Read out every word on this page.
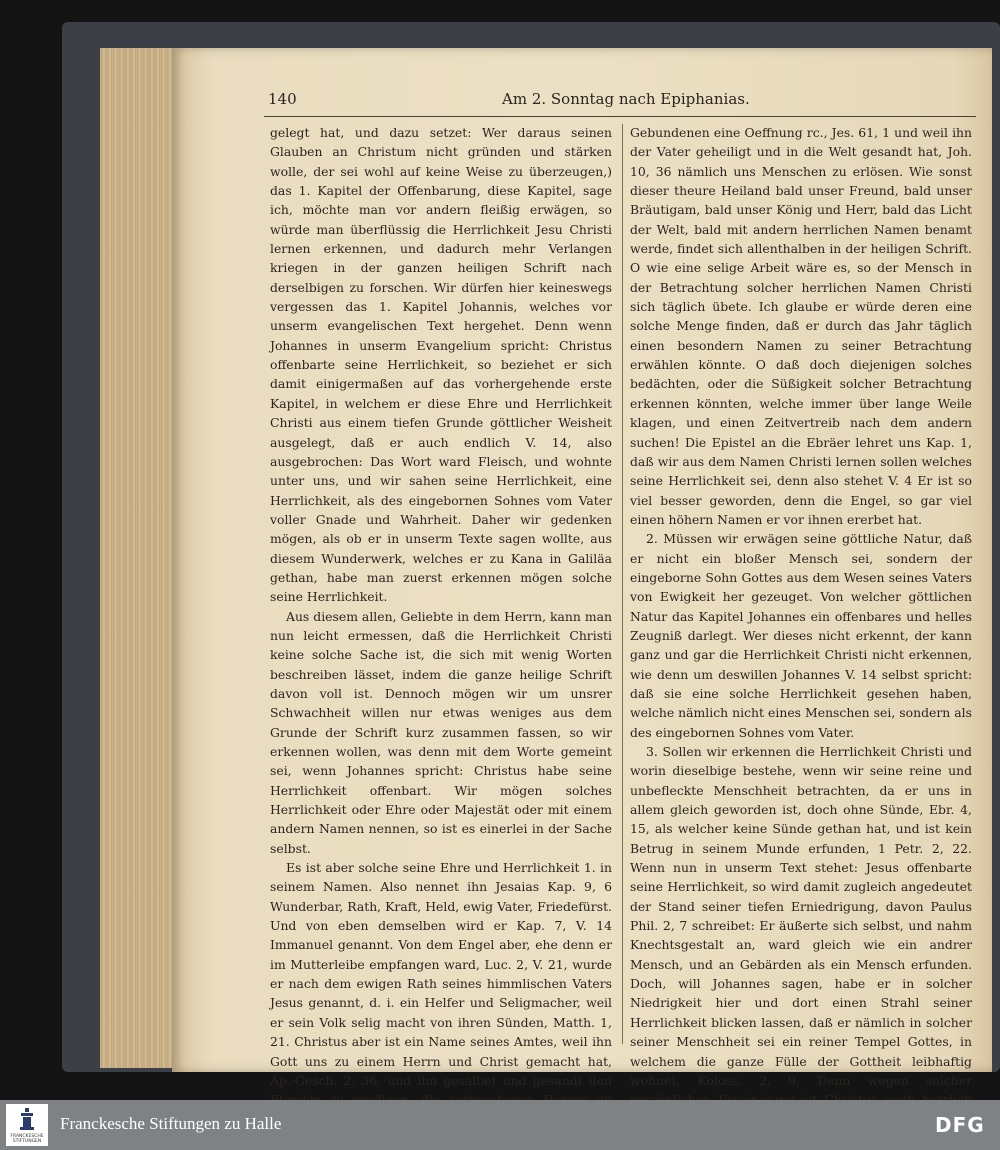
140	Am 2. Sonntag nach Epiphanias.

gelegt hat, und dazu setzet: Wer daraus seinen Glauben an Christum nicht gründen und stärken wolle, der sei wohl auf keine Weise zu überzeugen,) das 1. Kapitel der Offenbarung, diese Kapitel, sage ich, möchte man vor andern fleißig erwägen, so würde man überflüssig die Herrlichkeit Jesu Christi lernen erkennen, und dadurch mehr Verlangen kriegen in der ganzen heiligen Schrift nach derselbigen zu forschen. Wir dürfen hier keineswegs vergessen das 1. Kapitel Johannis, welches vor unserm evangelischen Text hergehet. Denn wenn Johannes in unserm Evangelium spricht: Christus offenbarte seine Herrlichkeit, so beziehet er sich damit einigermaßen auf das vorhergehende erste Kapitel, in welchem er diese Ehre und Herrlichkeit Christi aus einem tiefen Grunde göttlicher Weisheit ausgelegt, daß er auch endlich V. 14, also ausgebrochen: Das Wort ward Fleisch, und wohnte unter uns, und wir sahen seine Herrlichkeit, eine Herrlichkeit, als des eingebornen Sohnes vom Vater voller Gnade und Wahrheit. Daher wir gedenken mögen, als ob er in unserm Texte sagen wollte, aus diesem Wunderwerk, welches er zu Kana in Galiläa gethan, habe man zuerst erkennen mögen solche seine Herrlichkeit.

Aus diesem allen, Geliebte in dem Herrn, kann man nun leicht ermessen, daß die Herrlichkeit Christi keine solche Sache ist, die sich mit wenig Worten beschreiben lässet, indem die ganze heilige Schrift davon voll ist. Dennoch mögen wir um unsrer Schwachheit willen nur etwas weniges aus dem Grunde der Schrift kurz zusammen fassen, so wir erkennen wollen, was denn mit dem Worte gemeint sei, wenn Johannes spricht: Christus habe seine Herrlichkeit offenbart. Wir mögen solches Herrlichkeit oder Ehre oder Majestät oder mit einem andern Namen nennen, so ist es einerlei in der Sache selbst.

Es ist aber solche seine Ehre und Herrlichkeit 1. in seinem Namen. Also nennet ihn Jesaias Kap. 9, 6 Wunderbar, Rath, Kraft, Held, ewig Vater, Friedefürst. Und von eben demselben wird er Kap. 7, V. 14 Immanuel genannt. Von dem Engel aber, ehe denn er im Mutterleibe empfangen ward, Luc. 2, V. 21, wurde er nach dem ewigen Rath seines himmlischen Vaters Jesus genannt, d. i. ein Helfer und Seligmacher, weil er sein Volk selig macht von ihren Sünden, Matth. 1, 21. Christus aber ist ein Name seines Amtes, weil ihn Gott uns zu einem Herrn und Christ gemacht hat, Ap.-Gesch. 2, 36, und ihn gesalbet und gesandt den

Gebundenen eine Oeffnung rc., Jes. 61, 1 und weil ihn der Vater geheiligt und in die Welt gesandt hat, Joh. 10, 36 nämlich uns Menschen zu erlösen. Wie sonst dieser theure Heiland bald unser Freund, bald unser Bräutigam, bald unser König und Herr, bald das Licht der Welt, bald mit andern herrlichen Namen benamt werde, findet sich allenthalben in der heiligen Schrift. O wie eine selige Arbeit wäre es, so der Mensch in der Betrachtung solcher herrlichen Namen Christi sich täglich übete. Ich glaube er würde deren eine solche Menge finden, daß er durch das Jahr täglich einen besondern Namen zu seiner Betrachtung erwählen könnte. O daß doch diejenigen solches bedächten, oder die Süßigkeit solcher Betrachtung erkennen könnten, welche immer über lange Weile klagen, und einen Zeitvertreib nach dem andern suchen! Die Epistel an die Ebräer lehret uns Kap. 1, daß wir aus dem Namen Christi lernen sollen welches seine Herrlichkeit sei, denn also stehet V. 4 Er ist so viel besser geworden, denn die Engel, so gar viel einen höhern Namen er vor ihnen ererbet hat.

2. Müssen wir erwägen seine göttliche Natur, daß er nicht ein bloßer Mensch sei, sondern der eingeborne Sohn Gottes aus dem Wesen seines Vaters von Ewigkeit her gezeuget. Von welcher göttlichen Natur das Kapitel Johannes ein offenbares und helles Zeugniß darlegt. Wer dieses nicht erkennt, der kann ganz und gar die Herrlichkeit Christi nicht erkennen, wie denn um deswillen Johannes V. 14 selbst spricht: daß sie eine solche Herrlichkeit gesehen haben, welche nämlich nicht eines Menschen sei, sondern als des eingebornen Sohnes vom Vater.

3. Sollen wir erkennen die Herrlichkeit Christi und worin dieselbige bestehe, wenn wir seine reine und unbefleckte Menschheit betrachten, da er uns in allem gleich geworden ist, doch ohne Sünde, Ebr. 4, 15, als welcher keine Sünde gethan hat, und ist kein Betrug in seinem Munde erfunden, 1 Petr. 2, 22. Wenn nun in unserm Text stehet: Jesus offenbarte seine Herrlichkeit, so wird damit zugleich angedeutet der Stand seiner tiefen Erniedrigung, davon Paulus Phil. 2, 7 schreibet: Er äußerte sich selbst, und nahm Knechtsgestalt an, ward gleich wie ein andrer Mensch, und an Gebärden als ein Mensch erfunden. Doch, will Johannes sagen, habe er in solcher Niedrigkeit hier und dort einen Strahl seiner Herrlichkeit blicken lassen, daß er nämlich in solcher seiner Menschheit sei ein reiner Tempel Gottes, in welchem die ganze Fülle der Gottheit leibhaftig wohnet, Koloss. 2, 9. Denn wegen solcher

FRANCKESCHE STIFTUNGEN
Franckesche Stiftungen zu Halle	DFG
